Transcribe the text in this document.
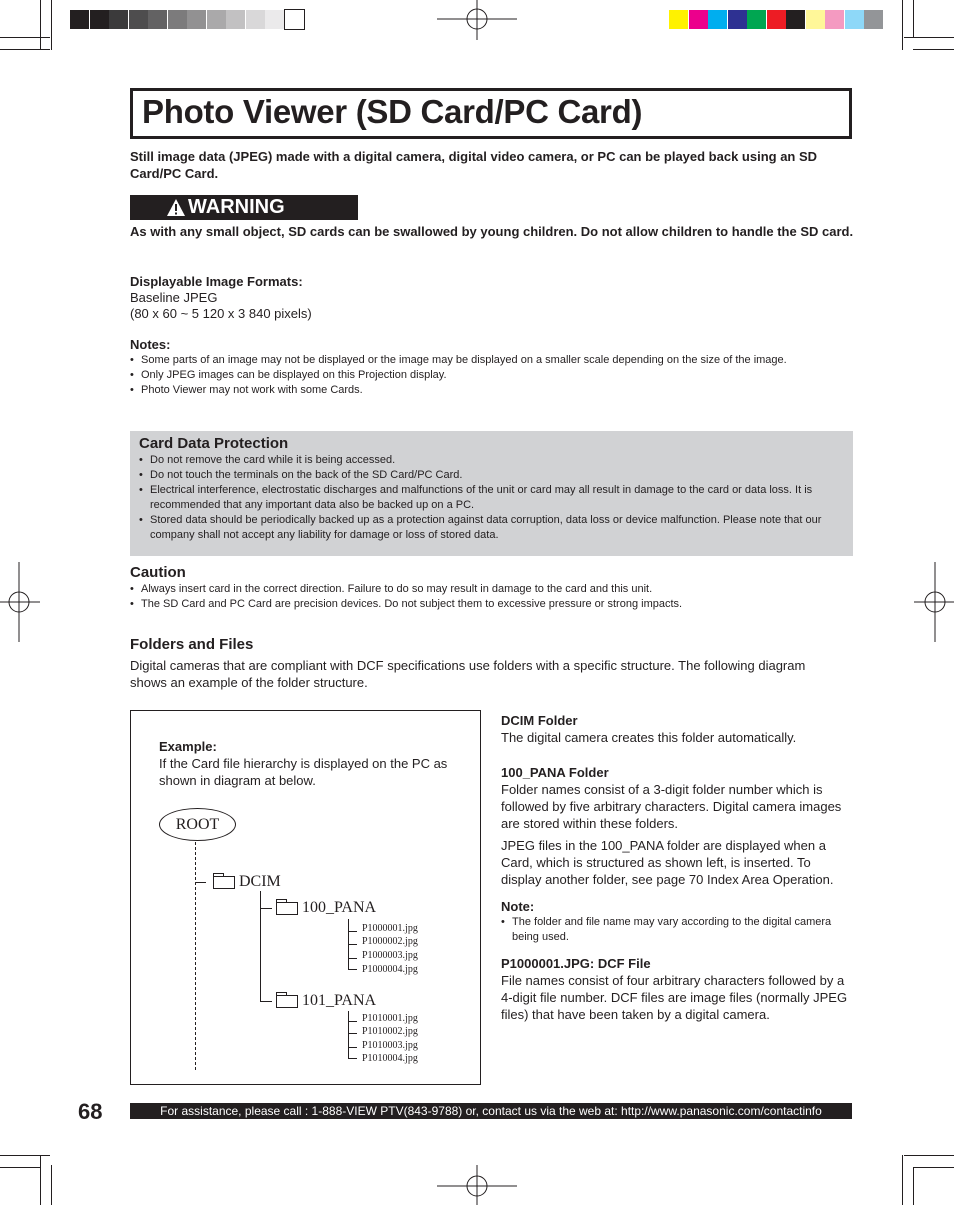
Photo Viewer (SD Card/PC Card)
Still image data (JPEG) made with a digital camera, digital video camera, or PC can be played back using an SD Card/PC Card.
WARNING
As with any small object, SD cards can be swallowed by young children. Do not allow children to handle the SD card.
Displayable Image Formats:
Baseline JPEG
(80 x 60 ~ 5 120 x 3 840 pixels)
Notes:
• Some parts of an image may not be displayed or the image may be displayed on a smaller scale depending on the size of the image.
• Only JPEG images can be displayed on this Projection display.
• Photo Viewer may not work with some Cards.
Card Data Protection
• Do not remove the card while it is being accessed.
• Do not touch the terminals on the back of the SD Card/PC Card.
• Electrical interference, electrostatic discharges and malfunctions of the unit or card may all result in damage to the card or data loss. It is recommended that any important data also be backed up on a PC.
• Stored data should be periodically backed up as a protection against data corruption, data loss or device malfunction. Please note that our company shall not accept any liability for damage or loss of stored data.
Caution
• Always insert card in the correct direction. Failure to do so may result in damage to the card and this unit.
• The SD Card and PC Card are precision devices. Do not subject them to excessive pressure or strong impacts.
Folders and Files
Digital cameras that are compliant with DCF specifications use folders with a specific structure. The following diagram shows an example of the folder structure.
Example:
If the Card file hierarchy is displayed on the PC as shown in diagram at below.
ROOT
DCIM
100_PANA
P1000001.jpg
P1000002.jpg
P1000003.jpg
P1000004.jpg
101_PANA
P1010001.jpg
P1010002.jpg
P1010003.jpg
P1010004.jpg
DCIM Folder
The digital camera creates this folder automatically.
100_PANA Folder
Folder names consist of a 3-digit folder number which is followed by five arbitrary characters. Digital camera images are stored within these folders.
JPEG files in the 100_PANA folder are displayed when a Card, which is structured as shown left, is inserted. To display another folder, see page 70 Index Area Operation.
Note:
• The folder and file name may vary according to the digital camera being used.
P1000001.JPG: DCF File
File names consist of four arbitrary characters followed by a 4-digit file number. DCF files are image files (normally JPEG files) that have been taken by a digital camera.
68	For assistance, please call : 1-888-VIEW PTV(843-9788) or, contact us via the web at: http://www.panasonic.com/contactinfo
